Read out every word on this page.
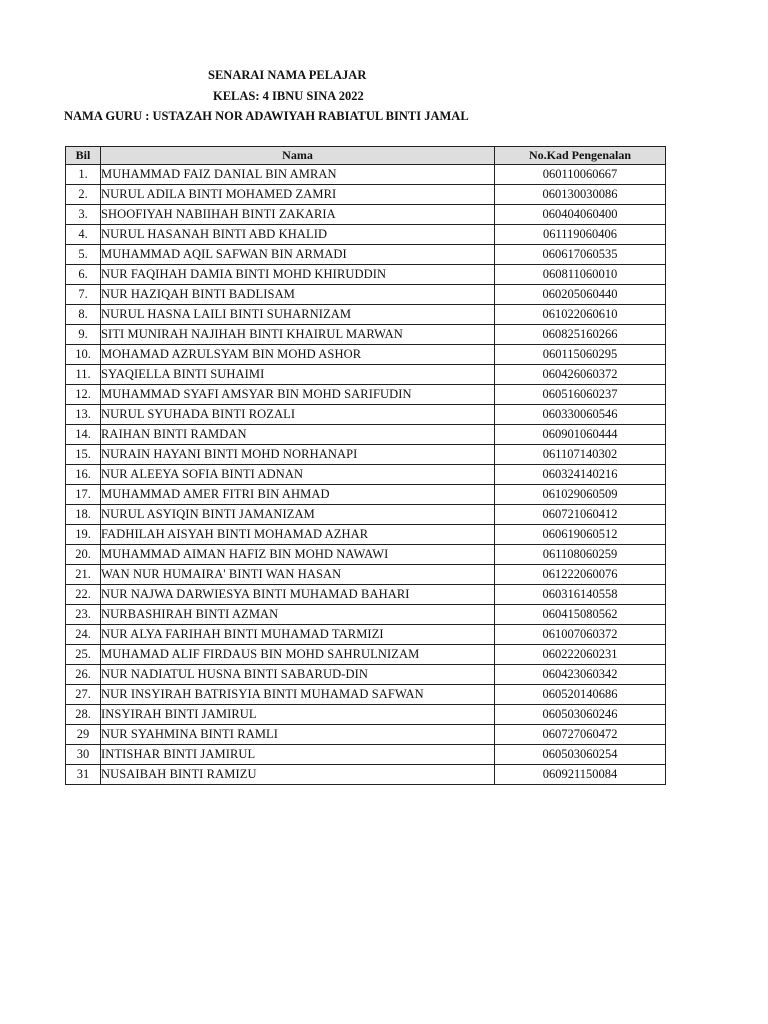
SENARAI NAMA PELAJAR
KELAS: 4 IBNU SINA 2022
NAMA GURU : USTAZAH NOR ADAWIYAH RABIATUL BINTI JAMAL
Bil	Nama	No.Kad Pengenalan
1.	MUHAMMAD FAIZ DANIAL BIN AMRAN	060110060667
2.	NURUL ADILA BINTI MOHAMED ZAMRI	060130030086
3.	SHOOFIYAH NABIIHAH BINTI ZAKARIA	060404060400
4.	NURUL HASANAH BINTI ABD KHALID	061119060406
5.	MUHAMMAD AQIL SAFWAN BIN ARMADI	060617060535
6.	NUR FAQIHAH DAMIA BINTI MOHD KHIRUDDIN	060811060010
7.	NUR HAZIQAH BINTI BADLISAM	060205060440
8.	NURUL HASNA LAILI BINTI SUHARNIZAM	061022060610
9.	SITI MUNIRAH NAJIHAH BINTI KHAIRUL MARWAN	060825160266
10.	MOHAMAD AZRULSYAM BIN MOHD ASHOR	060115060295
11.	SYAQIELLA BINTI SUHAIMI	060426060372
12.	MUHAMMAD SYAFI AMSYAR BIN MOHD SARIFUDIN	060516060237
13.	NURUL SYUHADA BINTI ROZALI	060330060546
14.	RAIHAN BINTI RAMDAN	060901060444
15.	NURAIN HAYANI BINTI MOHD NORHANAPI	061107140302
16.	NUR ALEEYA SOFIA BINTI ADNAN	060324140216
17.	MUHAMMAD AMER FITRI BIN AHMAD	061029060509
18.	NURUL ASYIQIN BINTI JAMANIZAM	060721060412
19.	FADHILAH AISYAH BINTI MOHAMAD AZHAR	060619060512
20.	MUHAMMAD AIMAN HAFIZ BIN MOHD NAWAWI	061108060259
21.	WAN NUR HUMAIRA' BINTI WAN HASAN	061222060076
22.	NUR NAJWA DARWIESYA BINTI MUHAMAD BAHARI	060316140558
23.	NURBASHIRAH BINTI AZMAN	060415080562
24.	NUR ALYA FARIHAH BINTI MUHAMAD TARMIZI	061007060372
25.	MUHAMAD ALIF FIRDAUS BIN MOHD SAHRULNIZAM	060222060231
26.	NUR NADIATUL HUSNA BINTI SABARUD-DIN	060423060342
27.	NUR INSYIRAH BATRISYIA BINTI MUHAMAD SAFWAN	060520140686
28.	INSYIRAH BINTI JAMIRUL	060503060246
29	NUR SYAHMINA BINTI RAMLI	060727060472
30	INTISHAR BINTI JAMIRUL	060503060254
31	NUSAIBAH BINTI RAMIZU	060921150084
